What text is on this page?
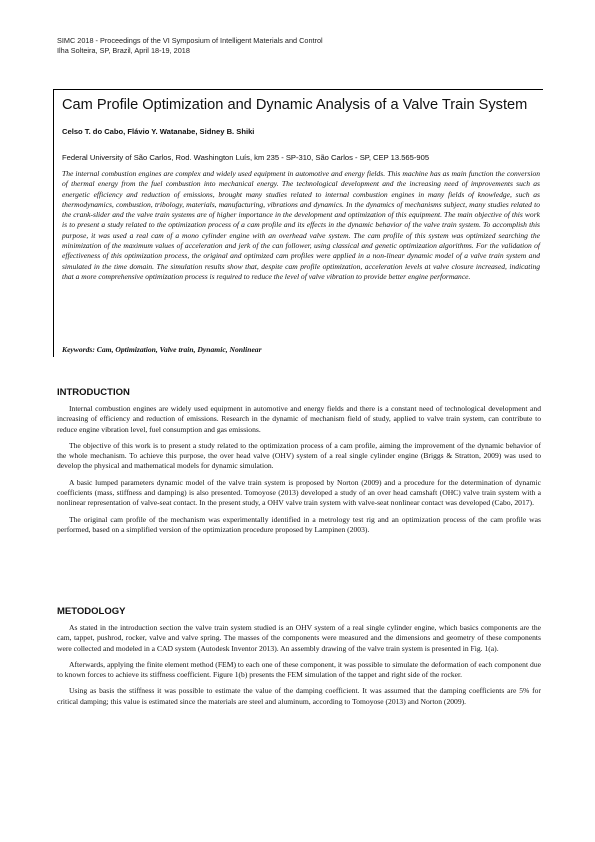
SIMC 2018 - Proceedings of the VI Symposium of Intelligent Materials and Control
Ilha Solteira, SP, Brazil, April 18-19, 2018
Cam Profile Optimization and Dynamic Analysis of a Valve Train System
Celso T. do Cabo, Flávio Y. Watanabe, Sidney B. Shiki
Federal University of São Carlos, Rod. Washington Luís, km 235 - SP-310, São Carlos - SP, CEP 13.565-905

The internal combustion engines are complex and widely used equipment in automotive and energy fields. This machine has as main function the conversion of thermal energy from the fuel combustion into mechanical energy. The technological development and the increasing need of improvements such as energetic efficiency and reduction of emissions, brought many studies related to internal combustion engines in many fields of knowledge, such as thermodynamics, combustion, tribology, materials, manufacturing, vibrations and dynamics. In the dynamics of mechanisms subject, many studies related to the crank-slider and the valve train systems are of higher importance in the development and optimization of this equipment. The main objective of this work is to present a study related to the optimization process of a cam profile and its effects in the dynamic behavior of the valve train system. To accomplish this purpose, it was used a real cam of a mono cylinder engine with an overhead valve system. The cam profile of this system was optimized searching the minimization of the maximum values of acceleration and jerk of the can follower, using classical and genetic optimization algorithms. For the validation of effectiveness of this optimization process, the original and optimized cam profiles were applied in a non-linear dynamic model of a valve train system and simulated in the time domain. The simulation results show that, despite cam profile optimization, acceleration levels at valve closure increased, indicating that a more comprehensive optimization process is required to reduce the level of valve vibration to provide better engine performance.

Keywords: Cam, Optimization, Valve train, Dynamic, Nonlinear
INTRODUCTION

Internal combustion engines are widely used equipment in automotive and energy fields and there is a constant need of technological development and increasing of efficiency and reduction of emissions. Research in the dynamic of mechanism field of study, applied to valve train system, can contribute to reduce engine vibration level, fuel consumption and gas emissions.

The objective of this work is to present a study related to the optimization process of a cam profile, aiming the improvement of the dynamic behavior of the whole mechanism. To achieve this purpose, the over head valve (OHV) system of a real single cylinder engine (Briggs & Stratton, 2009) was used to develop the physical and mathematical models for dynamic simulation.

A basic lumped parameters dynamic model of the valve train system is proposed by Norton (2009) and a procedure for the determination of dynamic coefficients (mass, stiffness and damping) is also presented. Tomoyose (2013) developed a study of an over head camshaft (OHC) valve train system with a nonlinear representation of valve-seat contact. In the present study, a OHV valve train system with valve-seat nonlinear contact was developed (Cabo, 2017).

The original cam profile of the mechanism was experimentally identified in a metrology test rig and an optimization process of the cam profile was performed, based on a simplified version of the optimization procedure proposed by Lampinen (2003).

METODOLOGY

As stated in the introduction section the valve train system studied is an OHV system of a real single cylinder engine, which basics components are the cam, tappet, pushrod, rocker, valve and valve spring. The masses of the components were measured and the dimensions and geometry of these components were collected and modeled in a CAD system (Autodesk Inventor 2013). An assembly drawing of the valve train system is presented in Fig. 1(a).

Afterwards, applying the finite element method (FEM) to each one of these component, it was possible to simulate the deformation of each component due to known forces to achieve its stiffness coefficient. Figure 1(b) presents the FEM simulation of the tappet and right side of the rocker.

Using as basis the stiffness it was possible to estimate the value of the damping coefficient. It was assumed that the damping coefficients are 5% for critical damping; this value is estimated since the materials are steel and aluminum, according to Tomoyose (2013) and Norton (2009).
